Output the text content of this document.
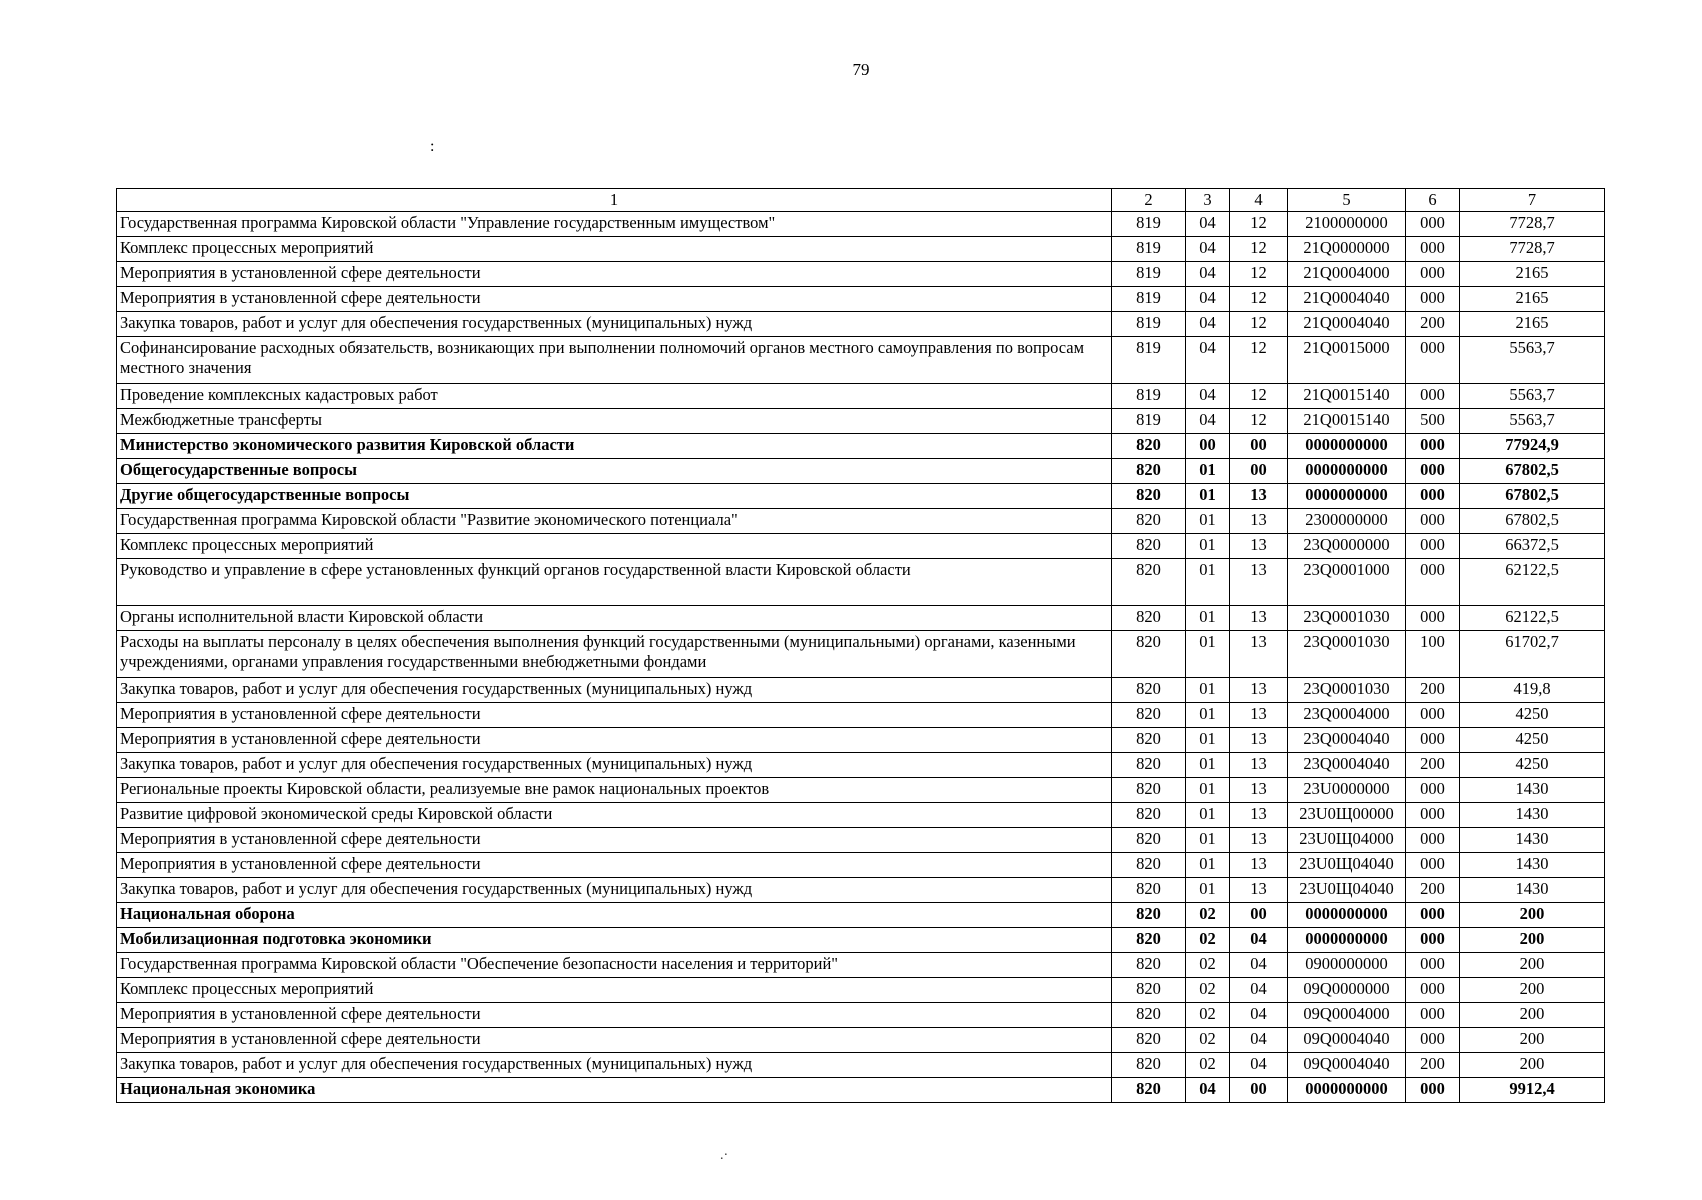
79
:
.·
1	2	3	4	5	6	7
Государственная программа Кировской области "Управление государственным имуществом"	819	04	12	2100000000	000	7728,7
Комплекс процессных мероприятий	819	04	12	21Q0000000	000	7728,7
Мероприятия в установленной сфере деятельности	819	04	12	21Q0004000	000	2165
Мероприятия в установленной сфере деятельности	819	04	12	21Q0004040	000	2165
Закупка товаров, работ и услуг для обеспечения государственных (муниципальных) нужд	819	04	12	21Q0004040	200	2165
Софинансирование расходных обязательств, возникающих при выполнении полномочий органов местного самоуправления по вопросам местного значения	819	04	12	21Q0015000	000	5563,7
Проведение комплексных кадастровых работ	819	04	12	21Q0015140	000	5563,7
Межбюджетные трансферты	819	04	12	21Q0015140	500	5563,7
Министерство экономического развития Кировской области	820	00	00	0000000000	000	77924,9
Общегосударственные вопросы	820	01	00	0000000000	000	67802,5
Другие общегосударственные вопросы	820	01	13	0000000000	000	67802,5
Государственная программа Кировской области "Развитие экономического потенциала"	820	01	13	2300000000	000	67802,5
Комплекс процессных мероприятий	820	01	13	23Q0000000	000	66372,5
Руководство и управление в сфере установленных функций органов государственной власти Кировской области	820	01	13	23Q0001000	000	62122,5
Органы исполнительной власти Кировской области	820	01	13	23Q0001030	000	62122,5
Расходы на выплаты персоналу в целях обеспечения выполнения функций государственными (муниципальными) органами, казенными учреждениями, органами управления государственными внебюджетными фондами	820	01	13	23Q0001030	100	61702,7
Закупка товаров, работ и услуг для обеспечения государственных (муниципальных) нужд	820	01	13	23Q0001030	200	419,8
Мероприятия в установленной сфере деятельности	820	01	13	23Q0004000	000	4250
Мероприятия в установленной сфере деятельности	820	01	13	23Q0004040	000	4250
Закупка товаров, работ и услуг для обеспечения государственных (муниципальных) нужд	820	01	13	23Q0004040	200	4250
Региональные проекты Кировской области, реализуемые вне рамок национальных проектов	820	01	13	23U0000000	000	1430
Развитие цифровой экономической среды Кировской области	820	01	13	23U0Щ00000	000	1430
Мероприятия в установленной сфере деятельности	820	01	13	23U0Щ04000	000	1430
Мероприятия в установленной сфере деятельности	820	01	13	23U0Щ04040	000	1430
Закупка товаров, работ и услуг для обеспечения государственных (муниципальных) нужд	820	01	13	23U0Щ04040	200	1430
Национальная оборона	820	02	00	0000000000	000	200
Мобилизационная подготовка экономики	820	02	04	0000000000	000	200
Государственная программа Кировской области "Обеспечение безопасности населения и территорий"	820	02	04	0900000000	000	200
Комплекс процессных мероприятий	820	02	04	09Q0000000	000	200
Мероприятия в установленной сфере деятельности	820	02	04	09Q0004000	000	200
Мероприятия в установленной сфере деятельности	820	02	04	09Q0004040	000	200
Закупка товаров, работ и услуг для обеспечения государственных (муниципальных) нужд	820	02	04	09Q0004040	200	200
Национальная экономика	820	04	00	0000000000	000	9912,4
